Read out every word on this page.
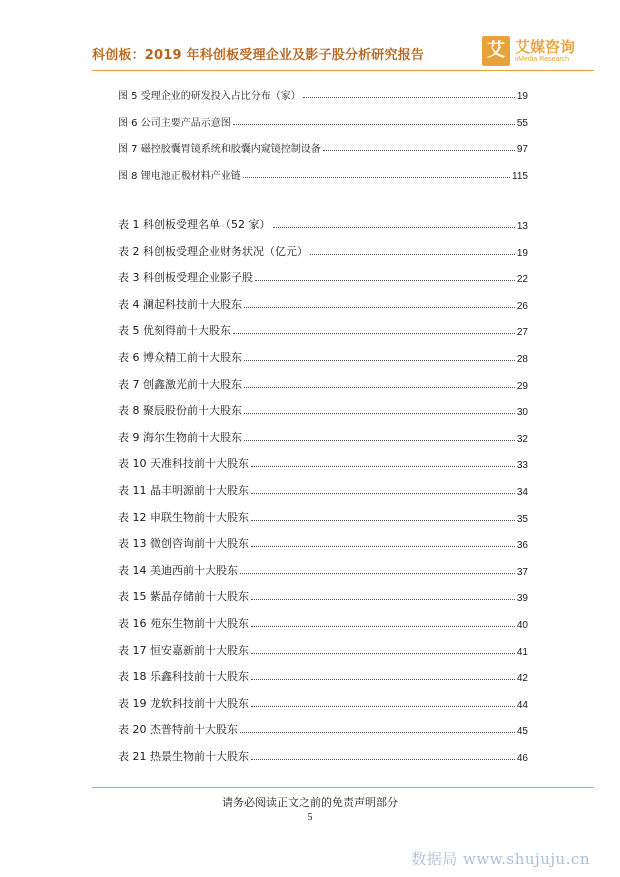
科创板：2019 年科创板受理企业及影子股分析研究报告	艾 艾媒咨询
iiMedia Research
图 5 受理企业的研发投入占比分布（家）	19
图 6 公司主要产品示意图	55
图 7 磁控胶囊胃镜系统和胶囊内窥镜控制设备	97
图 8 锂电池正极材料产业链	115
表 1 科创板受理名单（52 家）	13
表 2 科创板受理企业财务状况（亿元）	19
表 3 科创板受理企业影子股	22
表 4 澜起科技前十大股东	26
表 5 优刻得前十大股东	27
表 6 博众精工前十大股东	28
表 7 创鑫激光前十大股东	29
表 8 聚辰股份前十大股东	30
表 9 海尔生物前十大股东	32
表 10 天准科技前十大股东	33
表 11 晶丰明源前十大股东	34
表 12 申联生物前十大股东	35
表 13 微创咨询前十大股东	36
表 14 美迪西前十大股东	37
表 15 紫晶存储前十大股东	39
表 16 苑东生物前十大股东	40
表 17 恒安嘉新前十大股东	41
表 18 乐鑫科技前十大股东	42
表 19 龙软科技前十大股东	44
表 20 杰普特前十大股东	45
表 21 热景生物前十大股东	46
请务必阅读正文之前的免责声明部分
5
数据局 www.shujuju.cn
